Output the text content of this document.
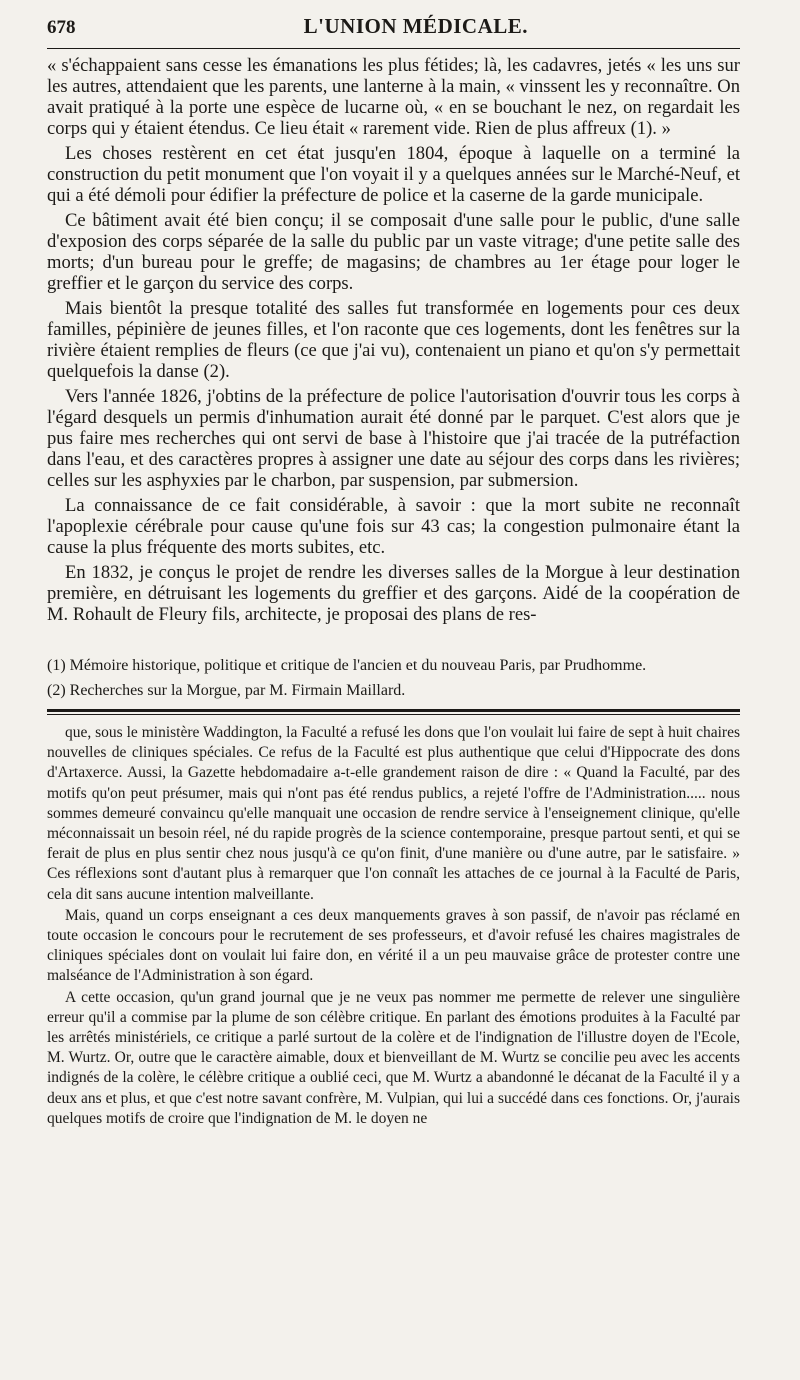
678	L'UNION MÉDICALE.

« s'échappaient sans cesse les émanations les plus fétides; là, les cadavres, jetés « les uns sur les autres, attendaient que les parents, une lanterne à la main, « vinssent les y reconnaître. On avait pratiqué à la porte une espèce de lucarne où, « en se bouchant le nez, on regardait les corps qui y étaient étendus. Ce lieu était « rarement vide. Rien de plus affreux (1). »

Les choses restèrent en cet état jusqu'en 1804, époque à laquelle on a terminé la construction du petit monument que l'on voyait il y a quelques années sur le Marché-Neuf, et qui a été démoli pour édifier la préfecture de police et la caserne de la garde municipale.

Ce bâtiment avait été bien conçu; il se composait d'une salle pour le public, d'une salle d'exposion des corps séparée de la salle du public par un vaste vitrage; d'une petite salle des morts; d'un bureau pour le greffe; de magasins; de chambres au 1er étage pour loger le greffier et le garçon du service des corps.

Mais bientôt la presque totalité des salles fut transformée en logements pour ces deux familles, pépinière de jeunes filles, et l'on raconte que ces logements, dont les fenêtres sur la rivière étaient remplies de fleurs (ce que j'ai vu), contenaient un piano et qu'on s'y permettait quelquefois la danse (2).

Vers l'année 1826, j'obtins de la préfecture de police l'autorisation d'ouvrir tous les corps à l'égard desquels un permis d'inhumation aurait été donné par le parquet. C'est alors que je pus faire mes recherches qui ont servi de base à l'histoire que j'ai tracée de la putréfaction dans l'eau, et des caractères propres à assigner une date au séjour des corps dans les rivières; celles sur les asphyxies par le charbon, par suspension, par submersion.

La connaissance de ce fait considérable, à savoir : que la mort subite ne reconnaît l'apoplexie cérébrale pour cause qu'une fois sur 43 cas; la congestion pulmonaire étant la cause la plus fréquente des morts subites, etc.

En 1832, je conçus le projet de rendre les diverses salles de la Morgue à leur destination première, en détruisant les logements du greffier et des garçons. Aidé de la coopération de M. Rohault de Fleury fils, architecte, je proposai des plans de res-

(1) Mémoire historique, politique et critique de l'ancien et du nouveau Paris, par Prudhomme.

(2) Recherches sur la Morgue, par M. Firmain Maillard.

que, sous le ministère Waddington, la Faculté a refusé les dons que l'on voulait lui faire de sept à huit chaires nouvelles de cliniques spéciales. Ce refus de la Faculté est plus authentique que celui d'Hippocrate des dons d'Artaxerce. Aussi, la Gazette hebdomadaire a-t-elle grandement raison de dire : « Quand la Faculté, par des motifs qu'on peut présumer, mais qui n'ont pas été rendus publics, a rejeté l'offre de l'Administration..... nous sommes demeuré convaincu qu'elle manquait une occasion de rendre service à l'enseignement clinique, qu'elle méconnaissait un besoin réel, né du rapide progrès de la science contemporaine, presque partout senti, et qui se ferait de plus en plus sentir chez nous jusqu'à ce qu'on finit, d'une manière ou d'une autre, par le satisfaire. » Ces réflexions sont d'autant plus à remarquer que l'on connaît les attaches de ce journal à la Faculté de Paris, cela dit sans aucune intention malveillante.

Mais, quand un corps enseignant a ces deux manquements graves à son passif, de n'avoir pas réclamé en toute occasion le concours pour le recrutement de ses professeurs, et d'avoir refusé les chaires magistrales de cliniques spéciales dont on voulait lui faire don, en vérité il a un peu mauvaise grâce de protester contre une malséance de l'Administration à son égard.

A cette occasion, qu'un grand journal que je ne veux pas nommer me permette de relever une singulière erreur qu'il a commise par la plume de son célèbre critique. En parlant des émotions produites à la Faculté par les arrêtés ministériels, ce critique a parlé surtout de la colère et de l'indignation de l'illustre doyen de l'Ecole, M. Wurtz. Or, outre que le caractère aimable, doux et bienveillant de M. Wurtz se concilie peu avec les accents indignés de la colère, le célèbre critique a oublié ceci, que M. Wurtz a abandonné le décanat de la Faculté il y a deux ans et plus, et que c'est notre savant confrère, M. Vulpian, qui lui a succédé dans ces fonctions. Or, j'aurais quelques motifs de croire que l'indignation de M. le doyen ne
